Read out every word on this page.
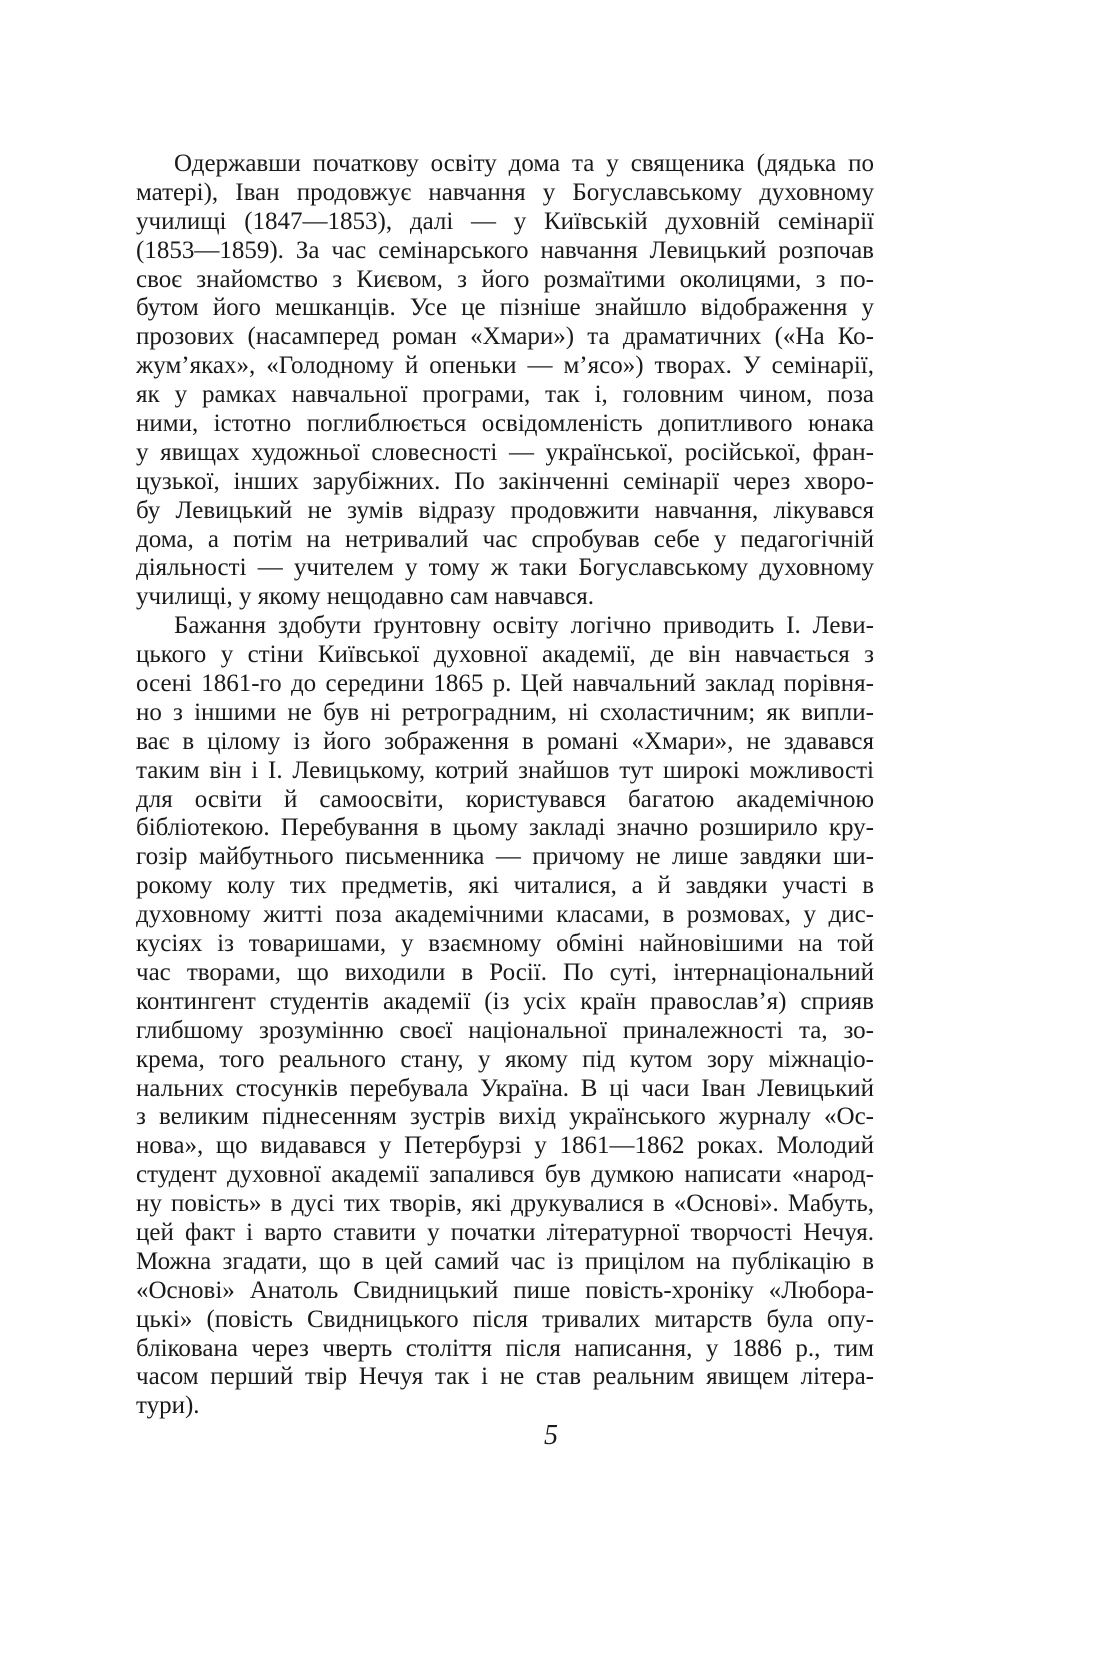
Одержавши початкову освіту дома та у священика (дядька по
матері), Іван продовжує навчання у Богуславському духовному
училищі (1847—1853), далі — у Київській духовній семінарії
(1853—1859). За час семінарського навчання Левицький розпочав
своє знайомство з Києвом, з його розмаїтими околицями, з по-
бутом його мешканців. Усе це пізніше знайшло відображення у
прозових (насамперед роман «Хмари») та драматичних («На Ко-
жум’яках», «Голодному й опеньки — м’ясо») творах. У семінарії,
як у рамках навчальної програми, так і, головним чином, поза
ними, істотно поглиблюється освідомленість допитливого юнака
у явищах художньої словесності — української, російської, фран-
цузької, інших зарубіжних. По закінченні семінарії через хворо-
бу Левицький не зумів відразу продовжити навчання, лікувався
дома, а потім на нетривалий час спробував себе у педагогічній
діяльності — учителем у тому ж таки Богуславському духовному
училищі, у якому нещодавно сам навчався.
Бажання здобути ґрунтовну освіту логічно приводить І. Леви-
цького у стіни Київської духовної академії, де він навчається з
осені 1861-го до середини 1865 р. Цей навчальний заклад порівня-
но з іншими не був ні ретроградним, ні схоластичним; як випли-
ває в цілому із його зображення в романі «Хмари», не здавався
таким він і І. Левицькому, котрий знайшов тут широкі можливості
для освіти й самоосвіти, користувався багатою академічною
бібліотекою. Перебування в цьому закладі значно розширило кру-
гозір майбутнього письменника — причому не лише завдяки ши-
рокому колу тих предметів, які читалися, а й завдяки участі в
духовному житті поза академічними класами, в розмовах, у дис-
кусіях із товаришами, у взаємному обміні найновішими на той
час творами, що виходили в Росії. По суті, інтернаціональний
контингент студентів академії (із усіх країн православ’я) сприяв
глибшому зрозумінню своєї національної приналежності та, зо-
крема, того реального стану, у якому під кутом зору міжнаціо-
нальних стосунків перебувала Україна. В ці часи Іван Левицький
з великим піднесенням зустрів вихід українського журналу «Ос-
нова», що видавався у Петербурзі у 1861—1862 роках. Молодий
студент духовної академії запалився був думкою написати «народ-
ну повість» в дусі тих творів, які друкувалися в «Основі». Мабуть,
цей факт і варто ставити у початки літературної творчості Нечуя.
Можна згадати, що в цей самий час із прицілом на публікацію в
«Основі» Анатоль Свидницький пише повість-хроніку «Любора-
цькі» (повість Свидницького після тривалих митарств була опу-
блікована через чверть століття після написання, у 1886 р., тим
часом перший твір Нечуя так і не став реальним явищем літера-
тури).
5
